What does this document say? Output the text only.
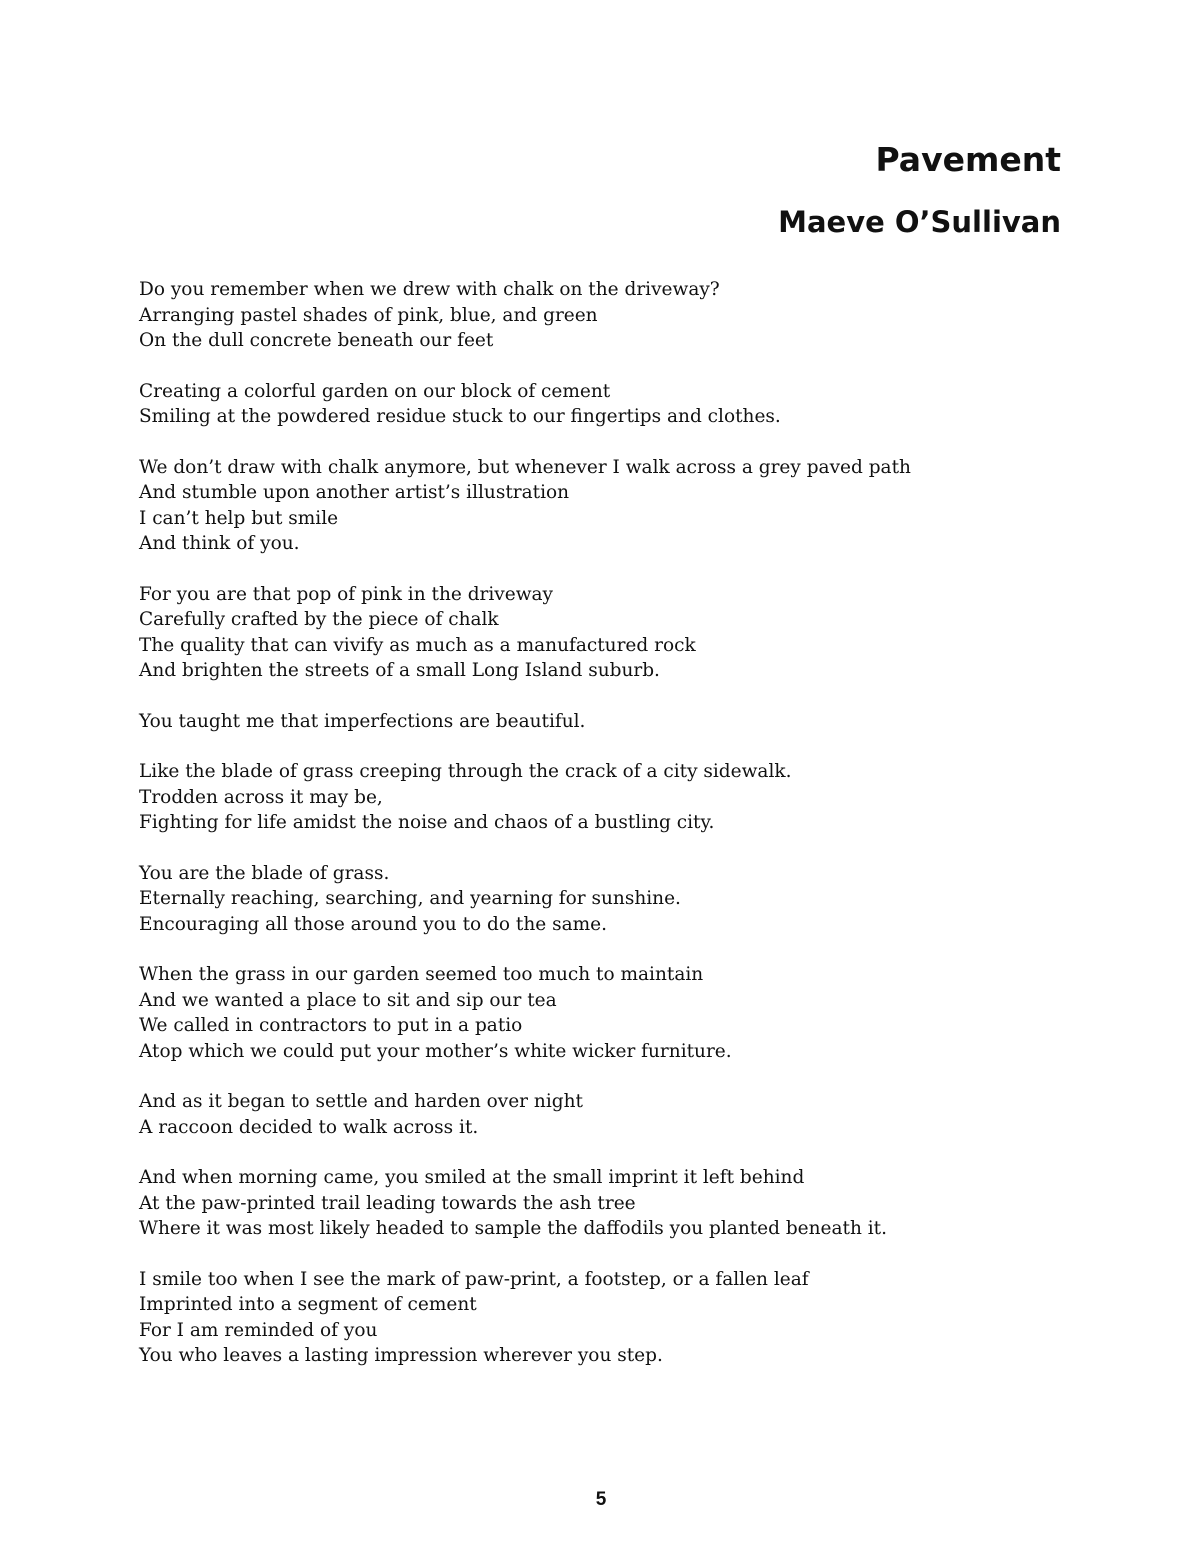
Pavement
Maeve O’Sullivan
Do you remember when we drew with chalk on the driveway?
Arranging pastel shades of pink, blue, and green
On the dull concrete beneath our feet
Creating a colorful garden on our block of cement
Smiling at the powdered residue stuck to our fingertips and clothes.
We don’t draw with chalk anymore, but whenever I walk across a grey paved path
And stumble upon another artist’s illustration
I can’t help but smile
And think of you.
For you are that pop of pink in the driveway
Carefully crafted by the piece of chalk
The quality that can vivify as much as a manufactured rock
And brighten the streets of a small Long Island suburb.
You taught me that imperfections are beautiful.
Like the blade of grass creeping through the crack of a city sidewalk.
Trodden across it may be,
Fighting for life amidst the noise and chaos of a bustling city.
You are the blade of grass.
Eternally reaching, searching, and yearning for sunshine.
Encouraging all those around you to do the same.
When the grass in our garden seemed too much to maintain
And we wanted a place to sit and sip our tea
We called in contractors to put in a patio
Atop which we could put your mother’s white wicker furniture.
And as it began to settle and harden over night
A raccoon decided to walk across it.
And when morning came, you smiled at the small imprint it left behind
At the paw-printed trail leading towards the ash tree
Where it was most likely headed to sample the daffodils you planted beneath it.
I smile too when I see the mark of paw-print, a footstep, or a fallen leaf
Imprinted into a segment of cement
For I am reminded of you
You who leaves a lasting impression wherever you step.
5
